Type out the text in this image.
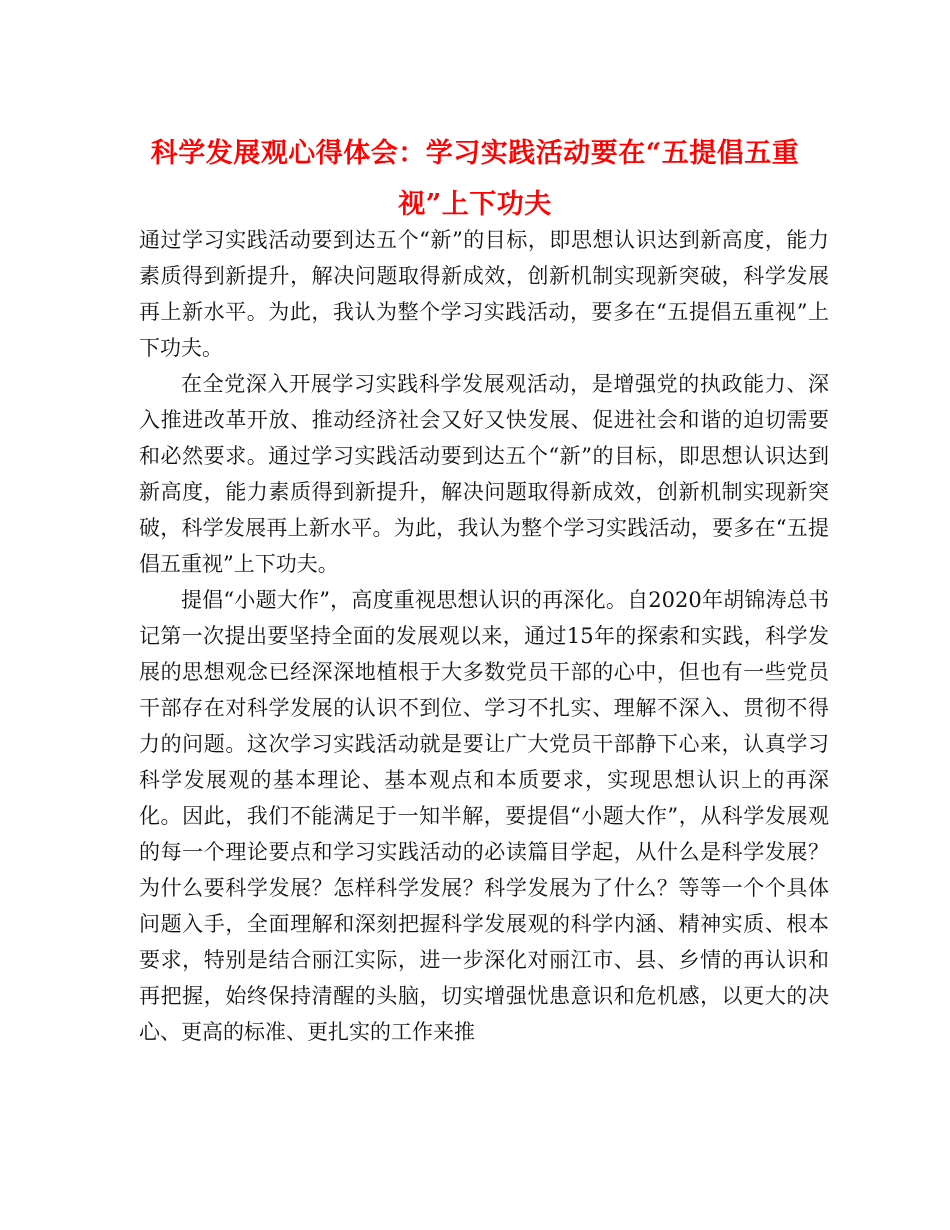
科学发展观心得体会：学习实践活动要在“五提倡五重视”上下功夫

通过学习实践活动要到达五个“新”的目标，即思想认识达到新高度，能力素质得到新提升，解决问题取得新成效，创新机制实现新突破，科学发展再上新水平。为此，我认为整个学习实践活动，要多在“五提倡五重视”上下功夫。

在全党深入开展学习实践科学发展观活动，是增强党的执政能力、深入推进改革开放、推动经济社会又好又快发展、促进社会和谐的迫切需要和必然要求。通过学习实践活动要到达五个“新”的目标，即思想认识达到新高度，能力素质得到新提升，解决问题取得新成效，创新机制实现新突破，科学发展再上新水平。为此，我认为整个学习实践活动，要多在“五提倡五重视”上下功夫。

提倡“小题大作”，高度重视思想认识的再深化。自2020年胡锦涛总书记第一次提出要坚持全面的发展观以来，通过15年的探索和实践，科学发展的思想观念已经深深地植根于大多数党员干部的心中，但也有一些党员干部存在对科学发展的认识不到位、学习不扎实、理解不深入、贯彻不得力的问题。这次学习实践活动就是要让广大党员干部静下心来，认真学习科学发展观的基本理论、基本观点和本质要求，实现思想认识上的再深化。因此，我们不能满足于一知半解，要提倡“小题大作”，从科学发展观的每一个理论要点和学习实践活动的必读篇目学起，从什么是科学发展？为什么要科学发展？怎样科学发展？科学发展为了什么？等等一个个具体问题入手，全面理解和深刻把握科学发展观的科学内涵、精神实质、根本要求，特别是结合丽江实际，进一步深化对丽江市、县、乡情的再认识和再把握，始终保持清醒的头脑，切实增强忧患意识和危机感，以更大的决心、更高的标准、更扎实的工作来推
